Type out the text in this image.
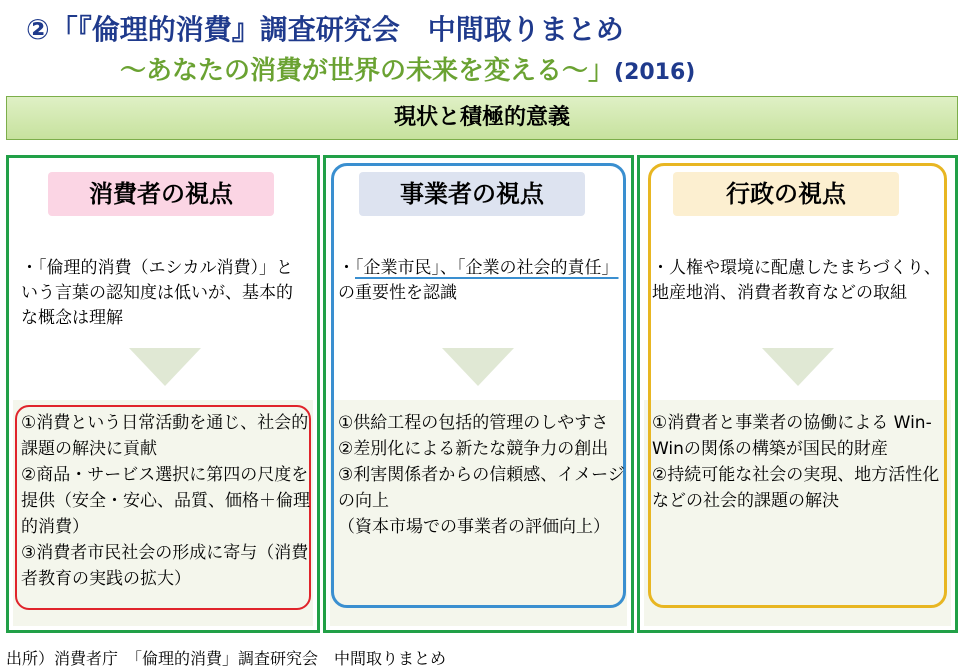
②「『倫理的消費』調査研究会　中間取りまとめ
〜あなたの消費が世界の未来を変える〜」(2016)
現状と積極的意義
消費者の視点
・「倫理的消費（エシカル消費）」という言葉の認知度は低いが、基本的な概念は理解

①消費という日常活動を通じ、社会的課題の解決に貢献

②商品・サービス選択に第四の尺度を提供（安全・安心、品質、価格＋倫理的消費）

③消費者市民社会の形成に寄与（消費者教育の実践の拡大）

事業者の視点
・「企業市民」、「企業の社会的責任」
の重要性を認識

①供給工程の包括的管理のしやすさ

②差別化による新たな競争力の創出

③利害関係者からの信頼感、イメージの向上

（資本市場での事業者の評価向上）

行政の視点
・人権や環境に配慮したまちづくり、地産地消、消費者教育などの取組

①消費者と事業者の協働による Win-Winの関係の構築が国民的財産

②持続可能な社会の実現、地方活性化などの社会的課題の解決

出所）消費者庁　「倫理的消費」調査研究会　中間取りまとめ
